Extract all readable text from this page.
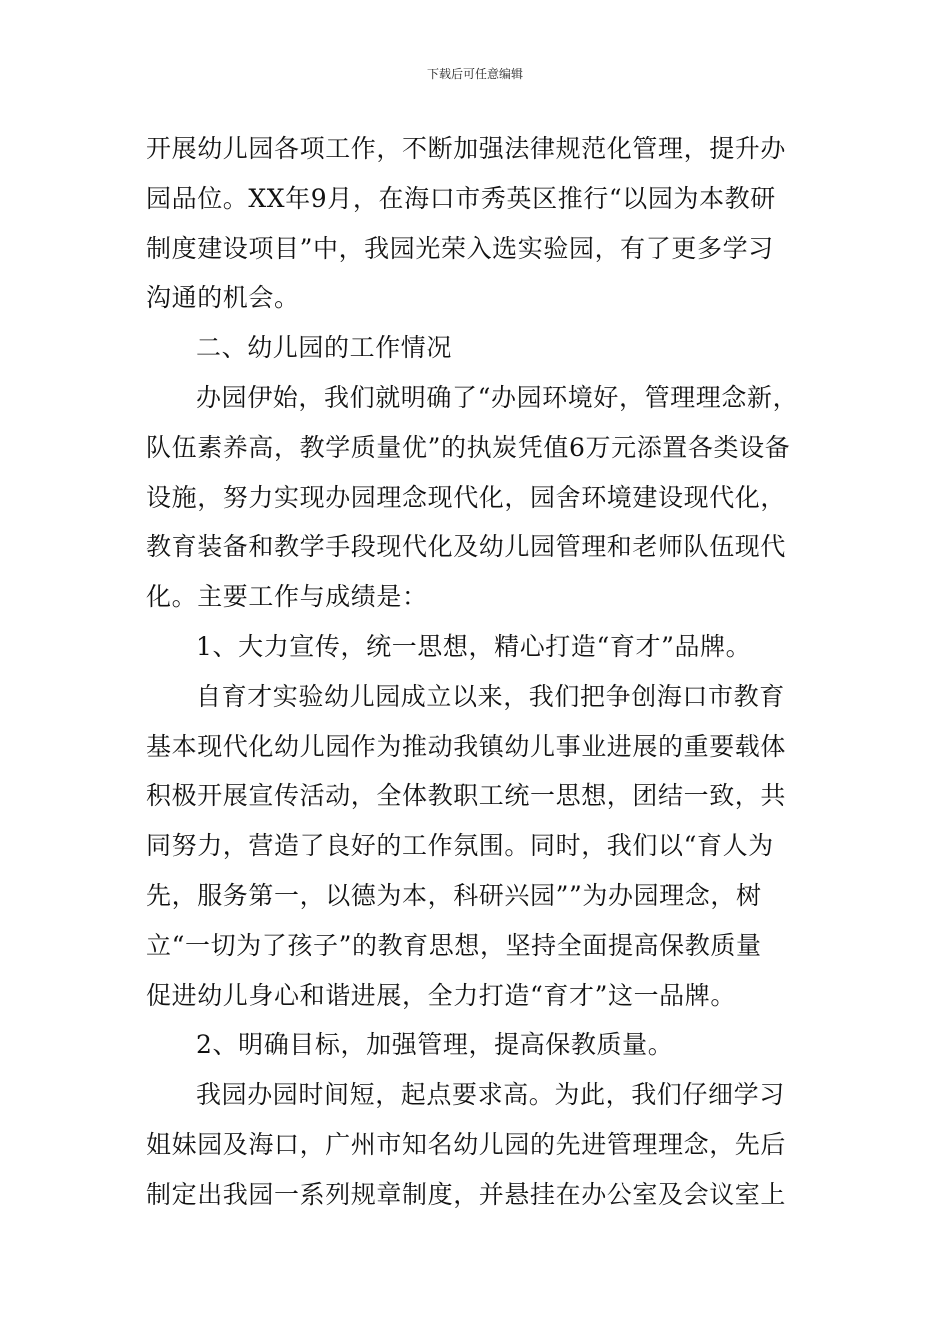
下载后可任意编辑
开展幼儿园各项工作，不断加强法律规范化管理，提升办
园品位。XX年9月，在海口市秀英区推行“以园为本教研
制度建设项目”中，我园光荣入选实验园，有了更多学习
沟通的机会。
二、幼儿园的工作情况
办园伊始，我们就明确了“办园环境好，管理理念新，
队伍素养高，教学质量优”的执炭凭值6万元添置各类设备
设施，努力实现办园理念现代化，园舍环境建设现代化，
教育装备和教学手段现代化及幼儿园管理和老师队伍现代
化。主要工作与成绩是：
1、大力宣传，统一思想，精心打造“育才”品牌。
自育才实验幼儿园成立以来，我们把争创海口市教育
基本现代化幼儿园作为推动我镇幼儿事业进展的重要载体
积极开展宣传活动，全体教职工统一思想，团结一致，共
同努力，营造了良好的工作氛围。同时，我们以“育人为
先，服务第一，以德为本，科研兴园””为办园理念，树
立“一切为了孩子”的教育思想，坚持全面提高保教质量
促进幼儿身心和谐进展，全力打造“育才”这一品牌。
2、明确目标，加强管理，提高保教质量。
我园办园时间短，起点要求高。为此，我们仔细学习
姐妹园及海口，广州市知名幼儿园的先进管理理念，先后
制定出我园一系列规章制度，并悬挂在办公室及会议室上
